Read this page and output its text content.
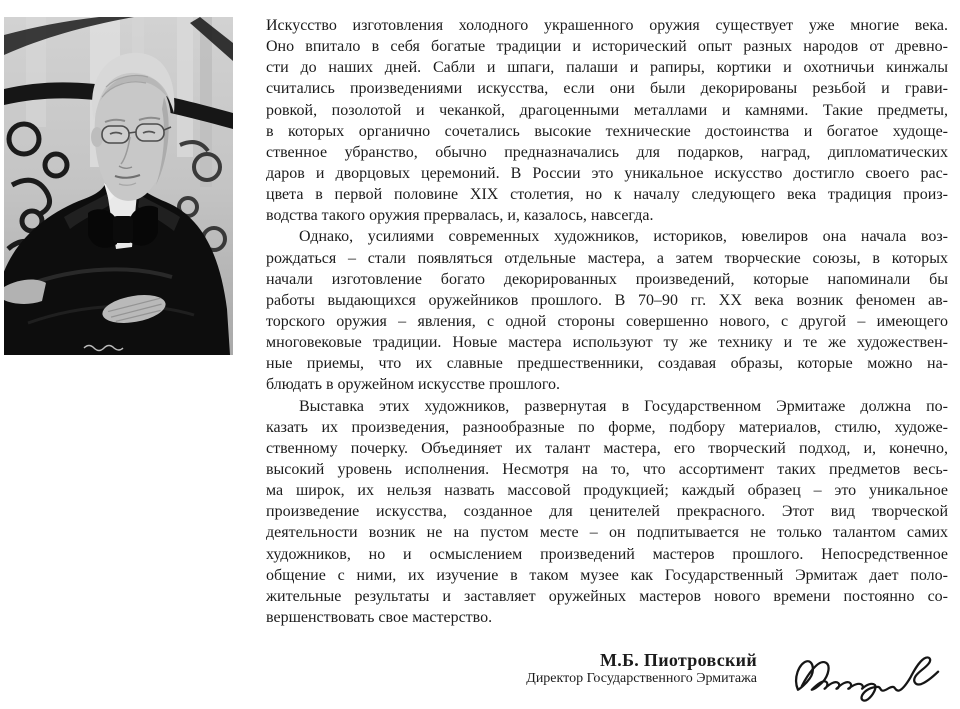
Искусство изготовления холодного украшенного оружия существует уже многие века.
Оно впитало в себя богатые традиции и исторический опыт разных народов от древно-
сти до наших дней. Сабли и шпаги, палаши и рапиры, кортики и охотничьи кинжалы
считались произведениями искусства, если они были декорированы резьбой и грави-
ровкой, позолотой и чеканкой, драгоценными металлами и камнями. Такие предметы,
в которых органично сочетались высокие технические достоинства и богатое худоще-
ственное убранство, обычно предназначались для подарков, наград, дипломатических
даров и дворцовых церемоний. В России это уникальное искусство достигло своего рас-
цвета в первой половине XIX столетия, но к началу следующего века традиция произ-
водства такого оружия прервалась, и, казалось, навсегда.
Однако, усилиями современных художников, историков, ювелиров она начала воз-
рождаться – стали появляться отдельные мастера, а затем творческие союзы, в которых
начали изготовление богато декорированных произведений, которые напоминали бы
работы выдающихся оружейников прошлого. В 70–90 гг. XX века возник феномен ав-
торского оружия – явления, с одной стороны совершенно нового, с другой – имеющего
многовековые традиции. Новые мастера используют ту же технику и те же художествен-
ные приемы, что их славные предшественники, создавая образы, которые можно на-
блюдать в оружейном искусстве прошлого.
Выставка этих художников, развернутая в Государственном Эрмитаже должна по-
казать их произведения, разнообразные по форме, подбору материалов, стилю, художе-
ственному почерку. Объединяет их талант мастера, его творческий подход, и, конечно,
высокий уровень исполнения. Несмотря на то, что ассортимент таких предметов весь-
ма широк, их нельзя назвать массовой продукцией; каждый образец – это уникальное
произведение искусства, созданное для ценителей прекрасного. Этот вид творческой
деятельности возник не на пустом месте – он подпитывается не только талантом самих
художников, но и осмыслением произведений мастеров прошлого. Непосредственное
общение с ними, их изучение в таком музее как Государственный Эрмитаж дает поло-
жительные результаты и заставляет оружейных мастеров нового времени постоянно со-
вершенствовать свое мастерство.
М.Б. Пиотровский
Директор Государственного Эрмитажа
